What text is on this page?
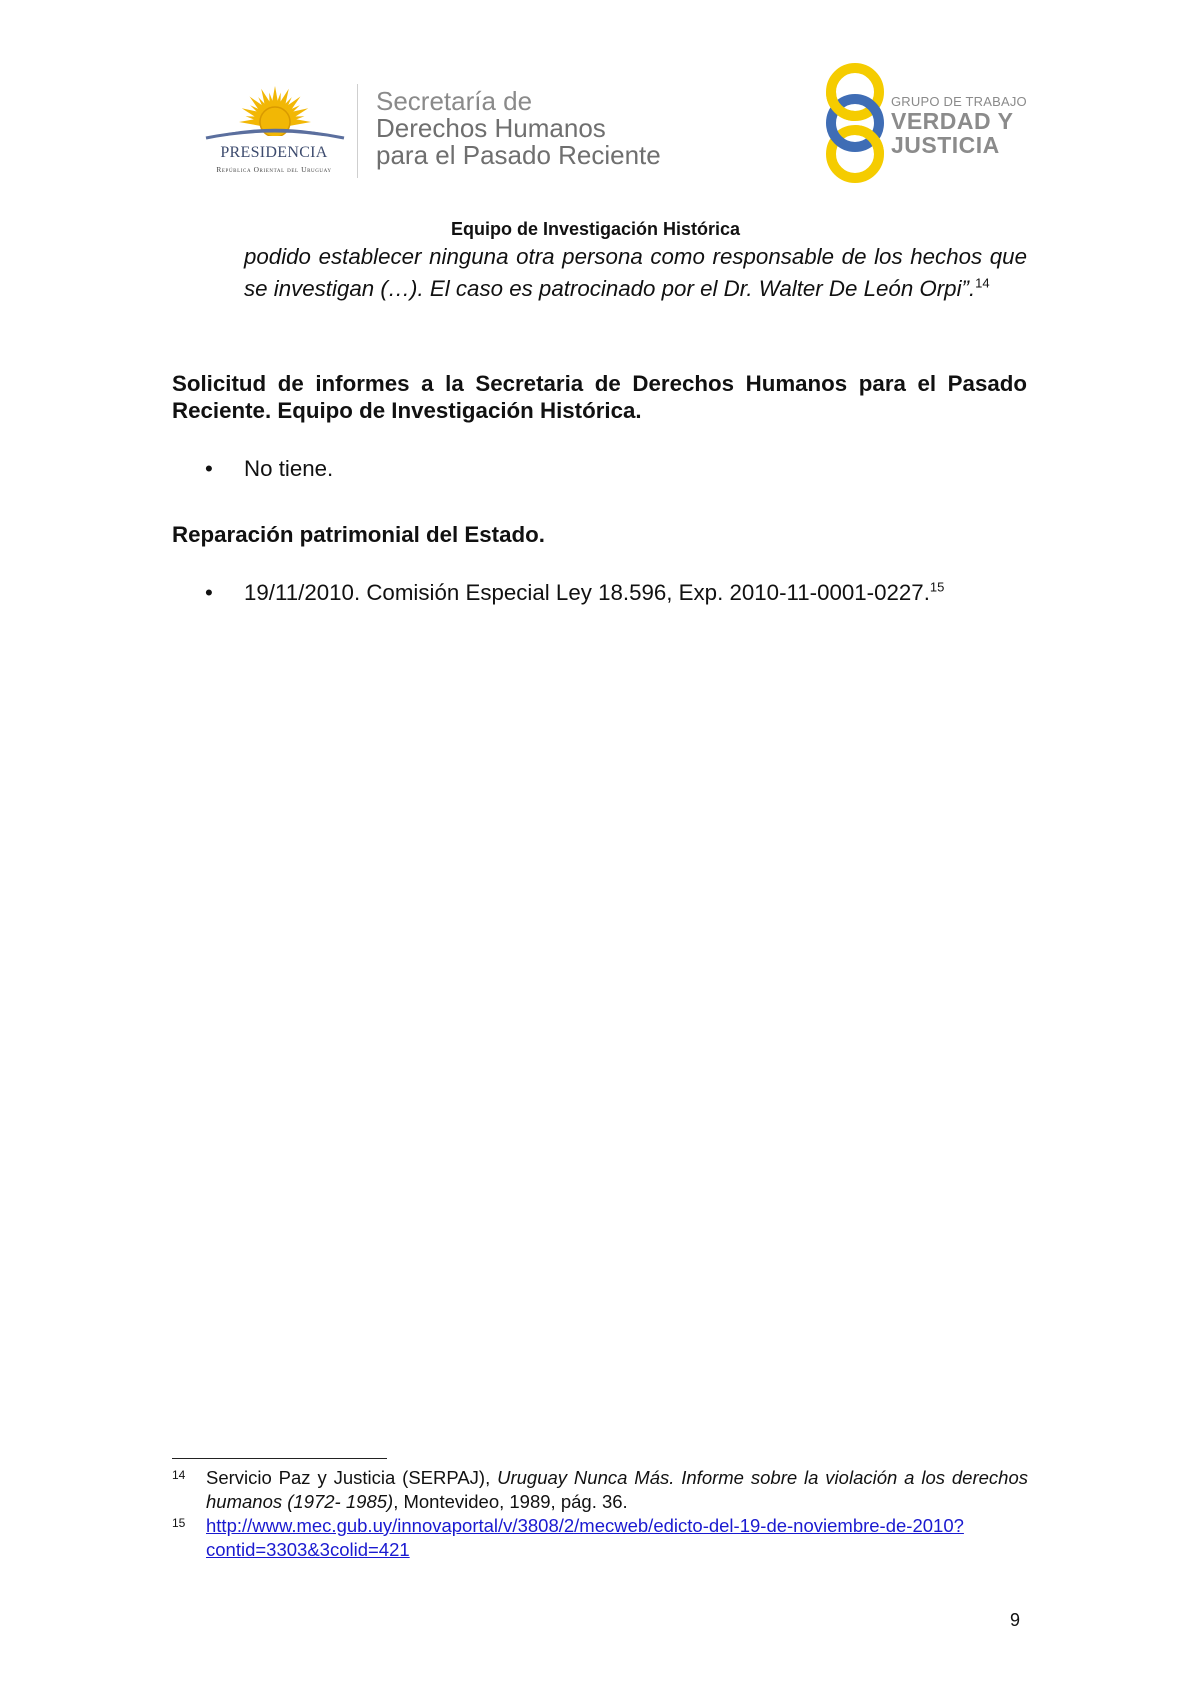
PRESIDENCIA
República Oriental del Uruguay
Secretaría de
Derechos Humanos
para el Pasado Reciente
GRUPO DE TRABAJO
VERDAD Y
JUSTICIA
Equipo de Investigación Histórica
podido establecer ninguna otra persona como responsable de los hechos que se investigan (…). El caso es patrocinado por el Dr. Walter De León Orpi”.$^{14}$
Solicitud de informes a la Secretaria de Derechos Humanos para el Pasado Reciente. Equipo de Investigación Histórica.
• No tiene.
Reparación patrimonial del Estado.
• 19/11/2010. Comisión Especial Ley 18.596, Exp. 2010-11-0001-0227.15
14 Servicio Paz y Justicia (SERPAJ), Uruguay Nunca Más. Informe sobre la violación a los derechos humanos (1972- 1985), Montevideo, 1989, pág. 36.
15 http://www.mec.gub.uy/innovaportal/v/3808/2/mecweb/edicto-del-19-de-noviembre-de-2010?contid=3303&3colid=421
9
